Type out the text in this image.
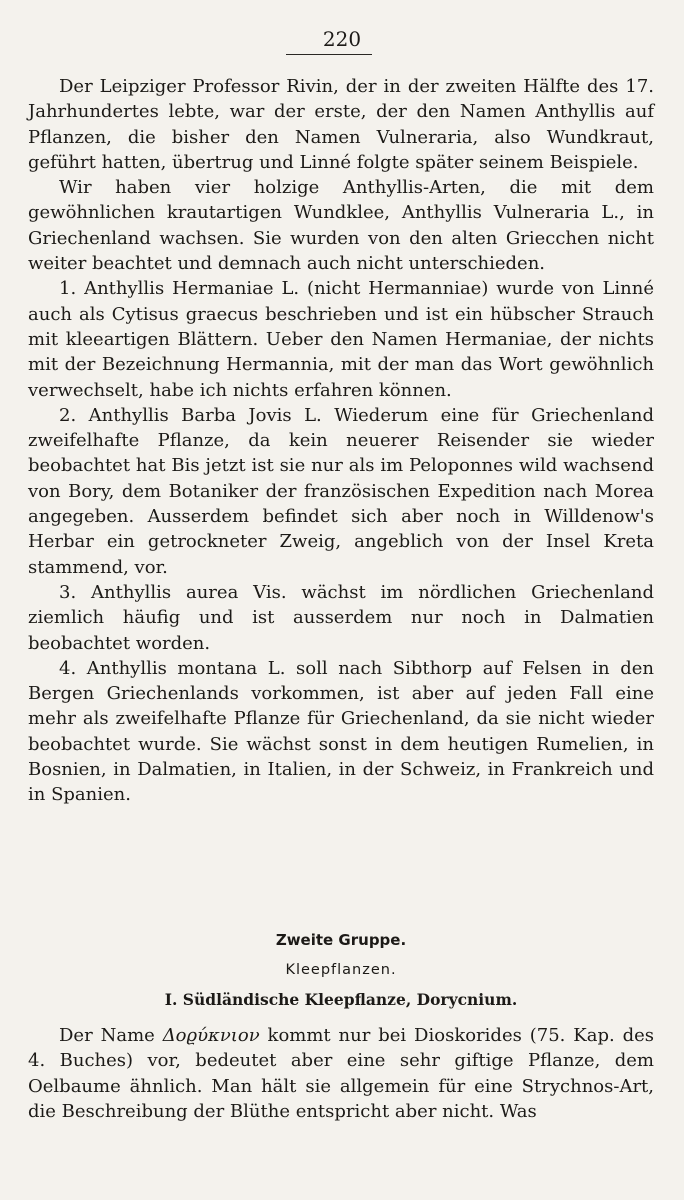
220

Der Leipziger Professor Rivin, der in der zweiten Hälfte des 17. Jahrhundertes lebte, war der erste, der den Namen Anthyllis auf Pflanzen, die bisher den Namen Vulneraria, also Wundkraut, geführt hatten, übertrug und Linné folgte später seinem Beispiele.

Wir haben vier holzige Anthyllis-Arten, die mit dem gewöhnlichen krautartigen Wundklee, Anthyllis Vulneraria L., in Griechenland wachsen. Sie wurden von den alten Griecchen nicht weiter beachtet und demnach auch nicht unterschieden.

1. Anthyllis Hermaniae L. (nicht Hermanniae) wurde von Linné auch als Cytisus graecus beschrieben und ist ein hübscher Strauch mit kleeartigen Blättern. Ueber den Namen Hermaniae, der nichts mit der Bezeichnung Hermannia, mit der man das Wort gewöhnlich verwechselt, habe ich nichts erfahren können.

2. Anthyllis Barba Jovis L. Wiederum eine für Griechenland zweifelhafte Pflanze, da kein neuerer Reisender sie wieder beobachtet hat Bis jetzt ist sie nur als im Peloponnes wild wachsend von Bory, dem Botaniker der französischen Expedition nach Morea angegeben. Ausserdem befindet sich aber noch in Willdenow's Herbar ein getrockneter Zweig, angeblich von der Insel Kreta stammend, vor.

3. Anthyllis aurea Vis. wächst im nördlichen Griechenland ziemlich häufig und ist ausserdem nur noch in Dalmatien beobachtet worden.

4. Anthyllis montana L. soll nach Sibthorp auf Felsen in den Bergen Griechenlands vorkommen, ist aber auf jeden Fall eine mehr als zweifelhafte Pflanze für Griechenland, da sie nicht wieder beobachtet wurde. Sie wächst sonst in dem heutigen Rumelien, in Bosnien, in Dalmatien, in Italien, in der Schweiz, in Frankreich und in Spanien.

Zweite Gruppe.

Kleepflanzen.

I. Südländische Kleepflanze, Dorycnium.

Der Name Δοϱύκνιον kommt nur bei Dioskorides (75. Kap. des 4. Buches) vor, bedeutet aber eine sehr giftige Pflanze, dem Oelbaume ähnlich. Man hält sie allgemein für eine Strychnos-Art, die Beschreibung der Blüthe entspricht aber nicht. Was
